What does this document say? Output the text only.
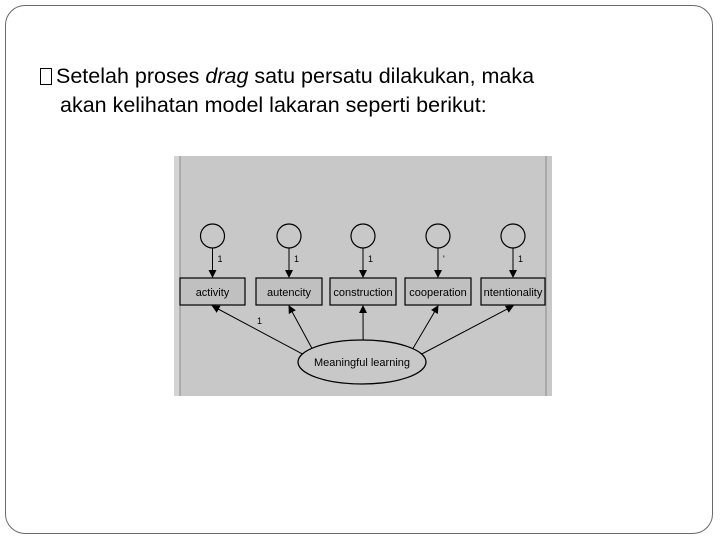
Setelah proses drag satu persatu dilakukan, maka
akan kelihatan model lakaran seperti berikut:
1
activity
1
autencity
1
construction
'
cooperation
1
ntentionality
Meaningful learning
1
